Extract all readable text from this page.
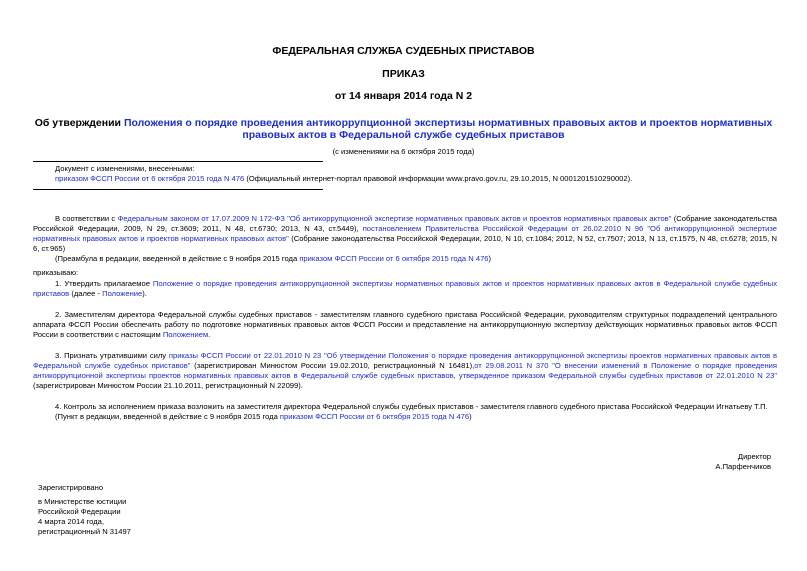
ФЕДЕРАЛЬНАЯ СЛУЖБА СУДЕБНЫХ ПРИСТАВОВ
ПРИКАЗ
от 14 января 2014 года N 2
Об утверждении Положения о порядке проведения антикоррупционной экспертизы нормативных правовых актов и проектов нормативных правовых актов в Федеральной службе судебных приставов
(с изменениями на 6 октября 2015 года)

Документ с изменениями, внесенными:

приказом ФССП России от 6 октября 2015 года N 476 (Официальный интернет-портал правовой информации www.pravo.gov.ru, 29.10.2015, N 0001201510290002).

В соответствии с Федеральным законом от 17.07.2009 N 172-ФЗ "Об антикоррупционной экспертизе нормативных правовых актов и проектов нормативных правовых актов" (Собрание законодательства Российской Федерации, 2009, N 29, ст.3609; 2011, N 48, ст.6730; 2013, N 43, ст.5449), постановлением Правительства Российской Федерации от 26.02.2010 N 96 "Об антикоррупционной экспертизе нормативных правовых актов и проектов нормативных правовых актов" (Собрание законодательства Российской Федерации, 2010, N 10, ст.1084; 2012, N 52, ст.7507; 2013, N 13, ст.1575, N 48, ст.6278; 2015, N 6, ст.965)

(Преамбула в редакции, введенной в действие с 9 ноября 2015 года приказом ФССП России от 6 октября 2015 года N 476)

приказываю:

1. Утвердить прилагаемое Положение о порядке проведения антикоррупционной экспертизы нормативных правовых актов и проектов нормативных правовых актов в Федеральной службе судебных приставов (далее - Положение).

2. Заместителям директора Федеральной службы судебных приставов - заместителям главного судебного пристава Российской Федерации, руководителям структурных подразделений центрального аппарата ФССП России обеспечить работу по подготовке нормативных правовых актов ФССП России и представление на антикоррупционную экспертизу действующих нормативных правовых актов ФССП России в соответствии с настоящим Положением.

3. Признать утратившими силу приказы ФССП России от 22.01.2010 N 23 "Об утверждении Положения о порядке проведения антикоррупционной экспертизы проектов нормативных правовых актов в Федеральной службе судебных приставов" (зарегистрирован Минюстом России 19.02.2010, регистрационный N 16481),от 29.08.2011 N 370 "О внесении изменений в Положение о порядке проведения антикоррупционной экспертизы проектов нормативных правовых актов в Федеральной службе судебных приставов, утвержденное приказом Федеральной службы судебных приставов от 22.01.2010 N 23" (зарегистрирован Минюстом России 21.10.2011, регистрационный N 22099).

4. Контроль за исполнением приказа возложить на заместителя директора Федеральной службы судебных приставов - заместителя главного судебного пристава Российской Федерации Игнатьеву Т.П.

(Пункт в редакции, введенной в действие с 9 ноября 2015 года приказом ФССП России от 6 октября 2015 года N 476)

Директор

А.Парфенчиков

Зарегистрировано

в Министерстве юстиции

Российской Федерации

4 марта 2014 года,

регистрационный N 31497
